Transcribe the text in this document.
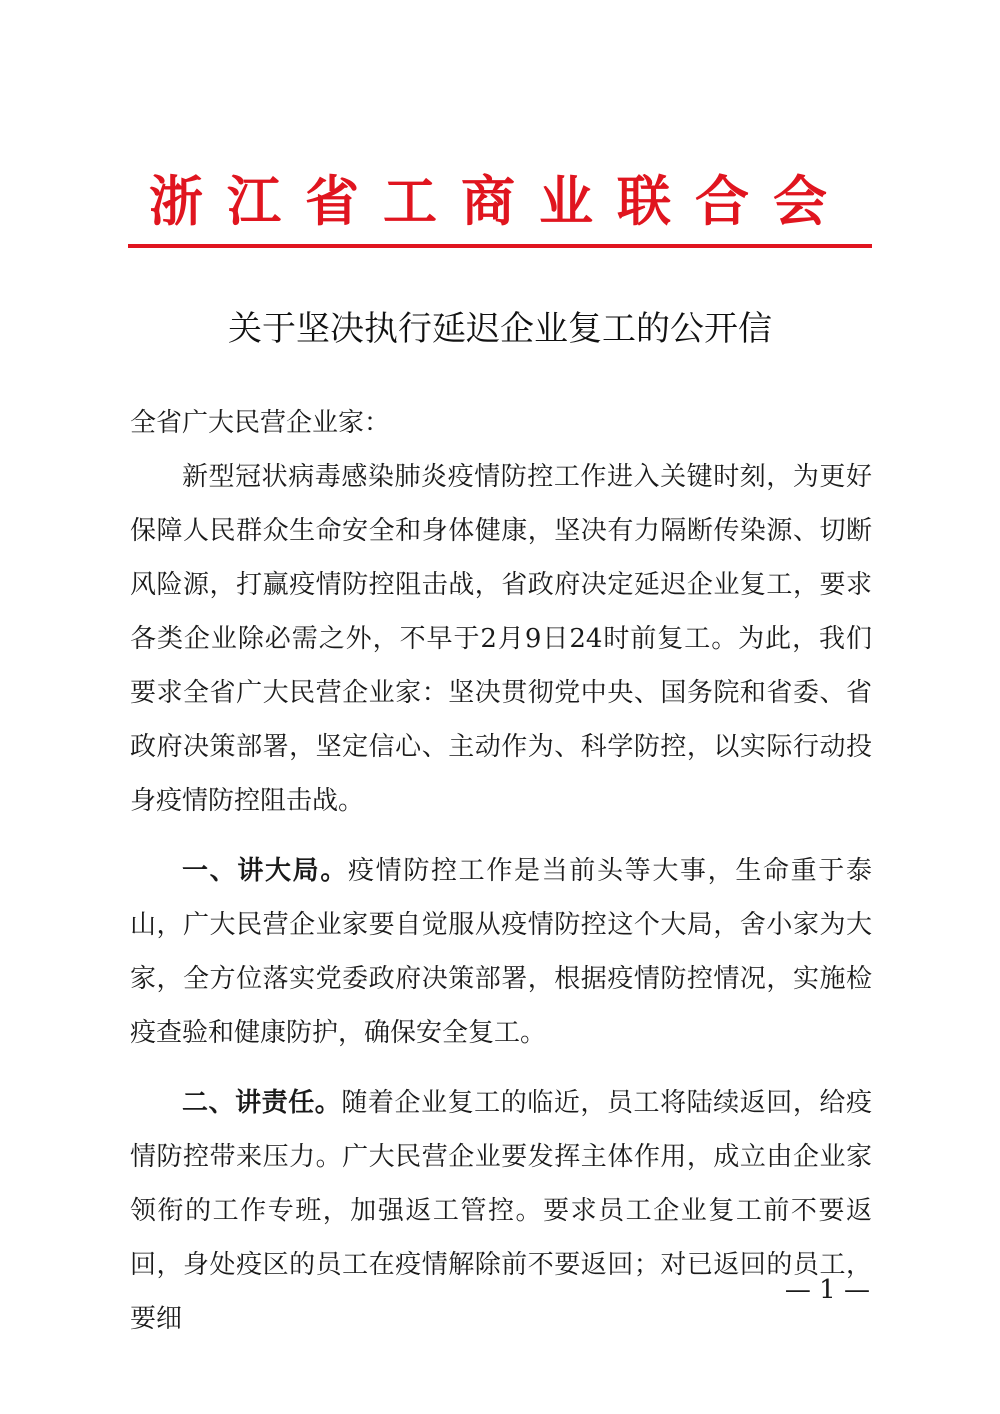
浙江省工商业联合会
关于坚决执行延迟企业复工的公开信

全省广大民营企业家：

新型冠状病毒感染肺炎疫情防控工作进入关键时刻，为更好保障人民群众生命安全和身体健康，坚决有力隔断传染源、切断风险源，打赢疫情防控阻击战，省政府决定延迟企业复工，要求各类企业除必需之外，不早于2月9日24时前复工。为此，我们要求全省广大民营企业家：坚决贯彻党中央、国务院和省委、省政府决策部署，坚定信心、主动作为、科学防控，以实际行动投身疫情防控阻击战。

一、讲大局。疫情防控工作是当前头等大事，生命重于泰山，广大民营企业家要自觉服从疫情防控这个大局，舍小家为大家，全方位落实党委政府决策部署，根据疫情防控情况，实施检疫查验和健康防护，确保安全复工。

二、讲责任。随着企业复工的临近，员工将陆续返回，给疫情防控带来压力。广大民营企业要发挥主体作用，成立由企业家领衔的工作专班，加强返工管控。要求员工企业复工前不要返回，身处疫区的员工在疫情解除前不要返回；对已返回的员工，要细

— 1 —
